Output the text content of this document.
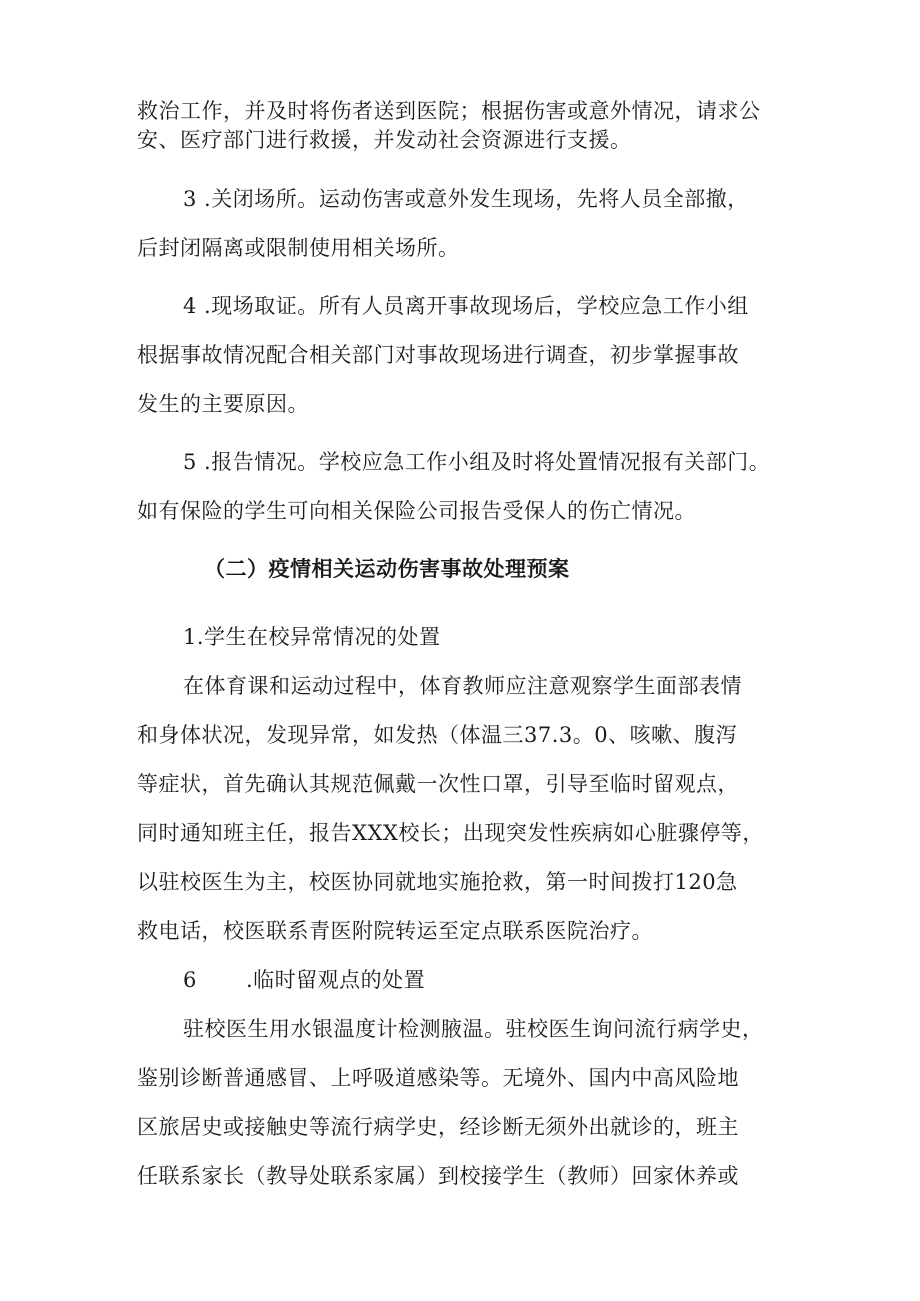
救治工作，并及时将伤者送到医院；根据伤害或意外情况，请求公
安、医疗部门进行救援，并发动社会资源进行支援。
3 .关闭场所。运动伤害或意外发生现场，先将人员全部撤，
后封闭隔离或限制使用相关场所。
4 .现场取证。所有人员离开事故现场后，学校应急工作小组
根据事故情况配合相关部门对事故现场进行调查，初步掌握事故
发生的主要原因。
5 .报告情况。学校应急工作小组及时将处置情况报有关部门。
如有保险的学生可向相关保险公司报告受保人的伤亡情况。
（二）疫情相关运动伤害事故处理预案
1.学生在校异常情况的处置
在体育课和运动过程中，体育教师应注意观察学生面部表情
和身体状况，发现异常，如发热（体温三37.3。0、咳嗽、腹泻
等症状，首先确认其规范佩戴一次性口罩，引导至临时留观点，
同时通知班主任，报告XXX校长；出现突发性疾病如心脏骤停等，
以驻校医生为主，校医协同就地实施抢救，第一时间拨打120急
救电话，校医联系青医附院转运至定点联系医院治疗。
6 .临时留观点的处置
驻校医生用水银温度计检测腋温。驻校医生询问流行病学史，
鉴别诊断普通感冒、上呼吸道感染等。无境外、国内中高风险地
区旅居史或接触史等流行病学史，经诊断无须外出就诊的，班主
任联系家长（教导处联系家属）到校接学生（教师）回家休养或
